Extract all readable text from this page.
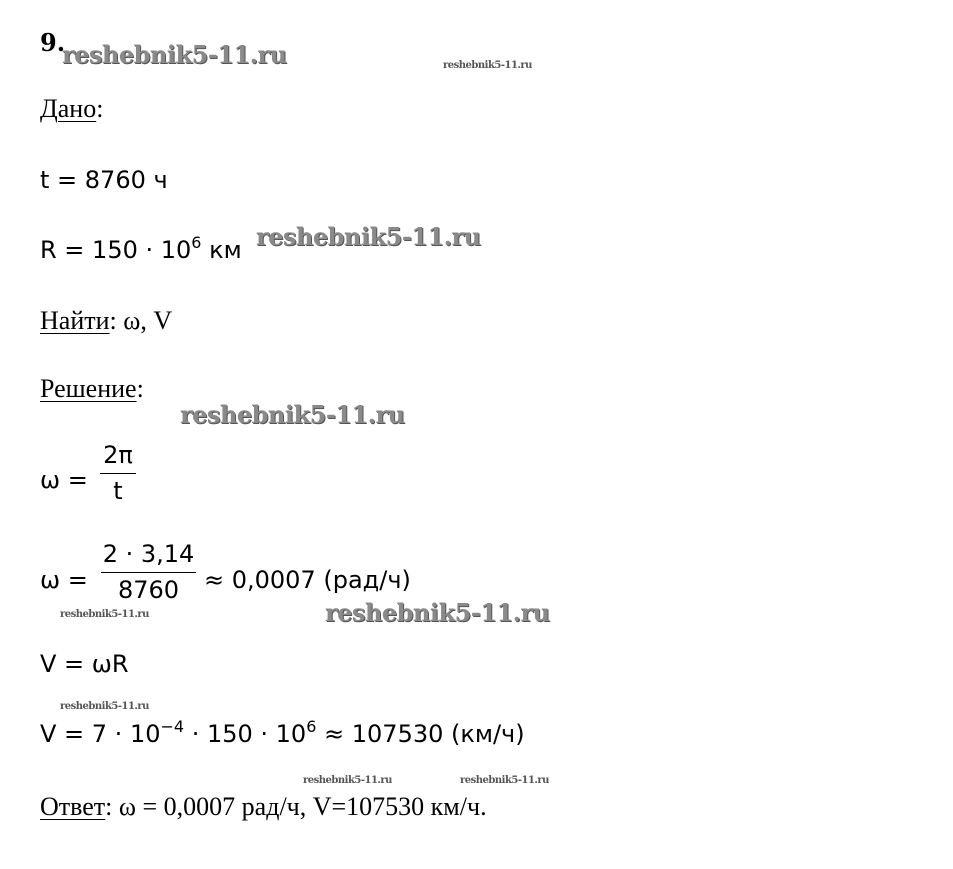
9.
reshebnik5-11.ru	reshebnik5-11.ru
Дано:
t = 8760 ч
$R = 150 \cdot 10^6$ км reshebnik5-11.ru
Найти: ω, V
Решение:
reshebnik5-11.ru
ω =
2π
t
ω =
2 · 3,14
8760 ≈ 0,0007 (рад/ч)
reshebnik5-11.ru	reshebnik5-11.ru
V = ωR
reshebnik5-11.ru
$V = 7 \cdot 10^{-4} \cdot 150 \cdot 10^6 \approx 107530$ (км/ч)
reshebnik5-11.ru	reshebnik5-11.ru
Ответ: ω = 0,0007 рад/ч, V=107530 км/ч.
